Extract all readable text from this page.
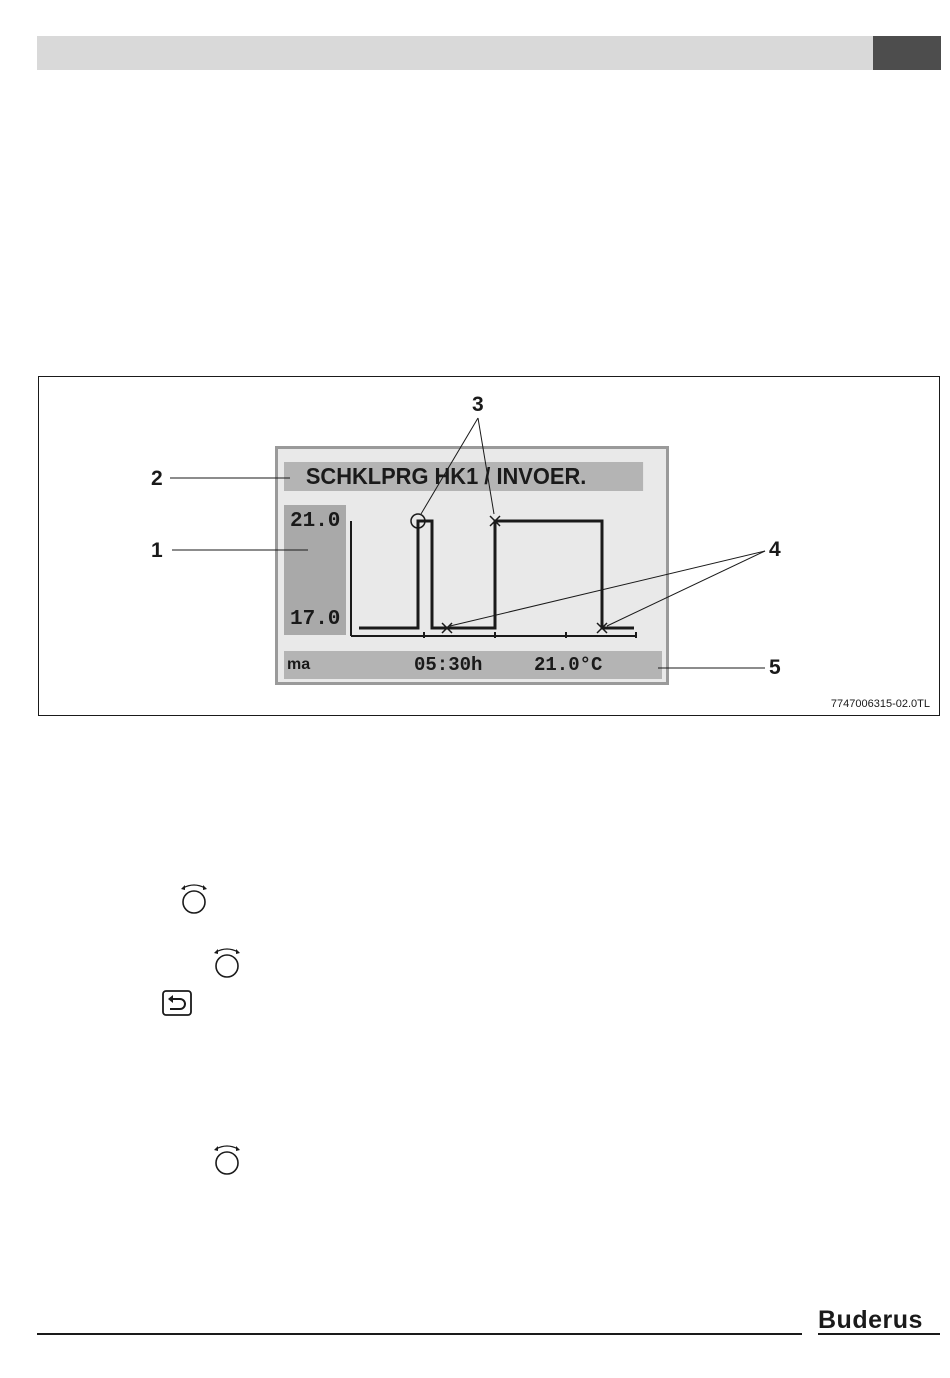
SCHKLPRG HK1 / INVOER.
21.0
17.0
ma	05:30h	21.0°C
2
1
3
4
5
7747006315-02.0TL
Buderus
